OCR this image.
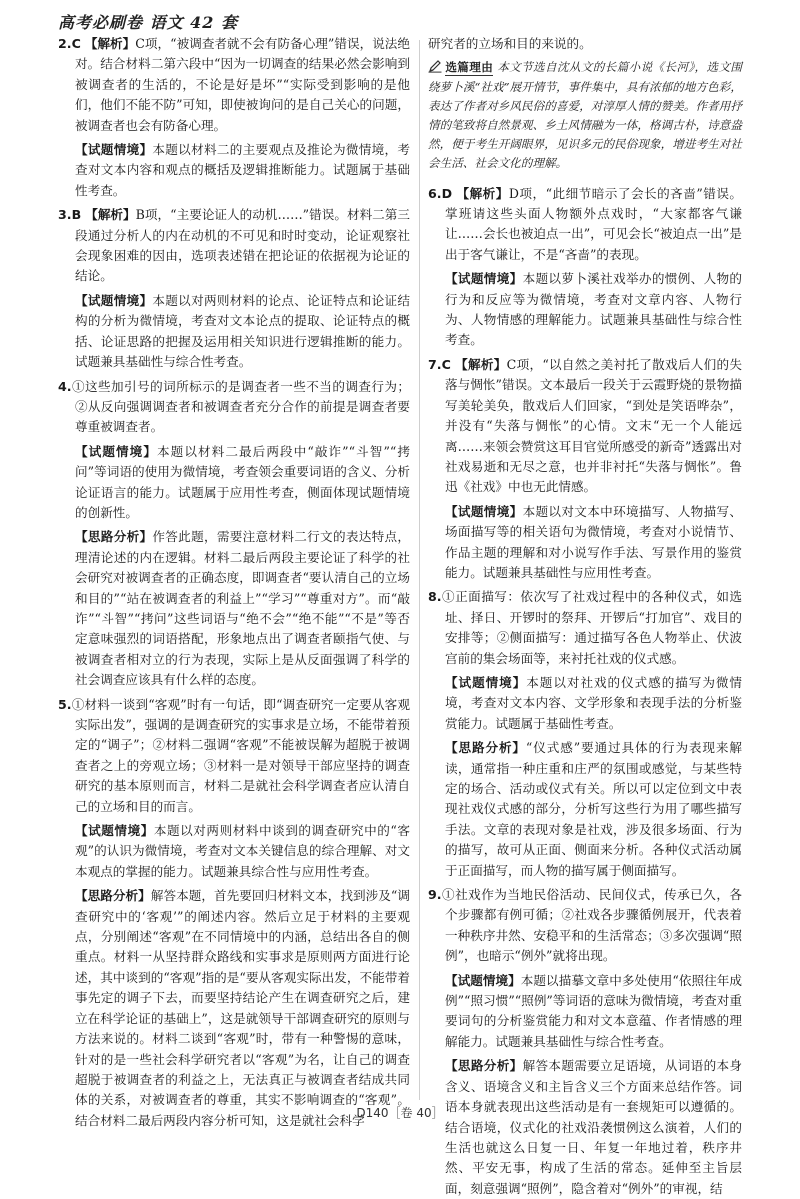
高考必刷卷 语文 42 套

2.C 【解析】C项，“被调查者就不会有防备心理”错误，说法绝对。结合材料二第六段中“因为一切调查的结果必然会影响到被调查者的生活的，不论是好是坏”“实际受到影响的是他们，他们不能不防”可知，即使被询问的是自己关心的问题，被调查者也会有防备心理。

【试题情境】本题以材料二的主要观点及推论为微情境，考查对文本内容和观点的概括及逻辑推断能力。试题属于基础性考查。

3.B 【解析】B项，“主要论证人的动机……”错误。材料二第三段通过分析人的内在动机的不可见和时时变动，论证观察社会现象困难的因由，选项表述错在把论证的依据视为论证的结论。

【试题情境】本题以对两则材料的论点、论证特点和论证结构的分析为微情境，考查对文本论点的提取、论证特点的概括、论证思路的把握及运用相关知识进行逻辑推断的能力。试题兼具基础性与综合性考查。

4.①这些加引号的词所标示的是调查者一些不当的调查行为；②从反向强调调查者和被调查者充分合作的前提是调查者要尊重被调查者。

【试题情境】本题以材料二最后两段中“敲诈”“斗智”“拷问”等词语的使用为微情境，考查领会重要词语的含义、分析论证语言的能力。试题属于应用性考查，侧面体现试题情境的创新性。

【思路分析】作答此题，需要注意材料二行文的表达特点，理清论述的内在逻辑。材料二最后两段主要论证了科学的社会研究对被调查者的正确态度，即调查者“要认清自己的立场和目的”“站在被调查者的利益上”“学习”“尊重对方”。而“敲诈”“斗智”“拷问”这些词语与“绝不会”“绝不能”“不是”等否定意味强烈的词语搭配，形象地点出了调查者颐指气使、与被调查者相对立的行为表现，实际上是从反面强调了科学的社会调查应该具有什么样的态度。

5.①材料一谈到“客观”时有一句话，即“调查研究一定要从客观实际出发”，强调的是调查研究的实事求是立场，不能带着预定的“调子”；②材料二强调“客观”不能被误解为超脱于被调查者之上的旁观立场；③材料一是对领导干部应坚持的调查研究的基本原则而言，材料二是就社会科学调查者应认清自己的立场和目的而言。

【试题情境】本题以对两则材料中谈到的调查研究中的“客观”的认识为微情境，考查对文本关键信息的综合理解、对文本观点的掌握的能力。试题兼具综合性与应用性考查。

【思路分析】解答本题，首先要回归材料文本，找到涉及“调查研究中的‘客观’”的阐述内容。然后立足于材料的主要观点，分别阐述“客观”在不同情境中的内涵，总结出各自的侧重点。材料一从坚持群众路线和实事求是原则两方面进行论述，其中谈到的“客观”指的是“要从客观实际出发，不能带着事先定的调子下去，而要坚持结论产生在调查研究之后，建立在科学论证的基础上”，这是就领导干部调查研究的原则与方法来说的。材料二谈到“客观”时，带有一种警惕的意味，针对的是一些社会科学研究者以“客观”为名，让自己的调查超脱于被调查者的利益之上，无法真正与被调查者结成共同体的关系，对被调查者的尊重，其实不影响调查的“客观”。结合材料二最后两段内容分析可知，这是就社会科学

研究者的立场和目的来说的。

选篇理由 本文节选自沈从文的长篇小说《长河》，选文围绕萝卜溪“社戏”展开情节，事件集中，具有浓郁的地方色彩，表达了作者对乡风民俗的喜爱，对淳厚人情的赞美。作者用抒情的笔致将自然景观、乡土风情融为一体，格调古朴，诗意盎然，便于考生开阔眼界，见识多元的民俗现象，增进考生对社会生活、社会文化的理解。

6.D 【解析】D项，“此细节暗示了会长的吝啬”错误。掌班请这些头面人物额外点戏时，“大家都客气谦让……会长也被迫点一出”，可见会长“被迫点一出”是出于客气谦让，不是“吝啬”的表现。

【试题情境】本题以萝卜溪社戏举办的惯例、人物的行为和反应等为微情境，考查对文章内容、人物行为、人物情感的理解能力。试题兼具基础性与综合性考查。

7.C 【解析】C项，“以自然之美衬托了散戏后人们的失落与惆怅”错误。文本最后一段关于云霞野烧的景物描写美轮美奂，散戏后人们回家，“到处是笑语哗杂”，并没有“失落与惆怅”的心情。文末“无一个人能远离……来领会赞赏这耳目官觉所感受的新奇”透露出对社戏易逝和无尽之意，也并非衬托“失落与惆怅”。鲁迅《社戏》中也无此情感。

【试题情境】本题以对文本中环境描写、人物描写、场面描写等的相关语句为微情境，考查对小说情节、作品主题的理解和对小说写作手法、写景作用的鉴赏能力。试题兼具基础性与应用性考查。

8.①正面描写：依次写了社戏过程中的各种仪式，如选址、择日、开锣时的祭拜、开锣后“打加官”、戏目的安排等；②侧面描写：通过描写各色人物举止、伏波宫前的集会场面等，来衬托社戏的仪式感。

【试题情境】本题以对社戏的仪式感的描写为微情境，考查对文本内容、文学形象和表现手法的分析鉴赏能力。试题属于基础性考查。

【思路分析】“仪式感”要通过具体的行为表现来解读，通常指一种庄重和庄严的氛围或感觉，与某些特定的场合、活动或仪式有关。所以可以定位到文中表现社戏仪式感的部分，分析写这些行为用了哪些描写手法。文章的表现对象是社戏，涉及很多场面、行为的描写，故可从正面、侧面来分析。各种仪式活动属于正面描写，而人物的描写属于侧面描写。

9.①社戏作为当地民俗活动、民间仪式，传承已久，各个步骤都有例可循；②社戏各步骤循例展开，代表着一种秩序井然、安稳平和的生活常态；③多次强调“照例”，也暗示“例外”就将出现。

【试题情境】本题以描摹文章中多处使用“依照往年成例”“照习惯”“照例”等词语的意味为微情境，考查对重要词句的分析鉴赏能力和对文本意蕴、作者情感的理解能力。试题兼具基础性与综合性考查。

【思路分析】解答本题需要立足语境，从词语的本身含义、语境含义和主旨含义三个方面来总结作答。词语本身就表现出这些活动是有一套规矩可以遵循的。结合语境，仪式化的社戏沿袭惯例这么演着，人们的生活也就这么日复一日、年复一年地过着，秩序井然、平安无事，构成了生活的常态。延伸至主旨层面，刻意强调“照例”，隐含着对“例外”的审视，结

D140［卷 40］
